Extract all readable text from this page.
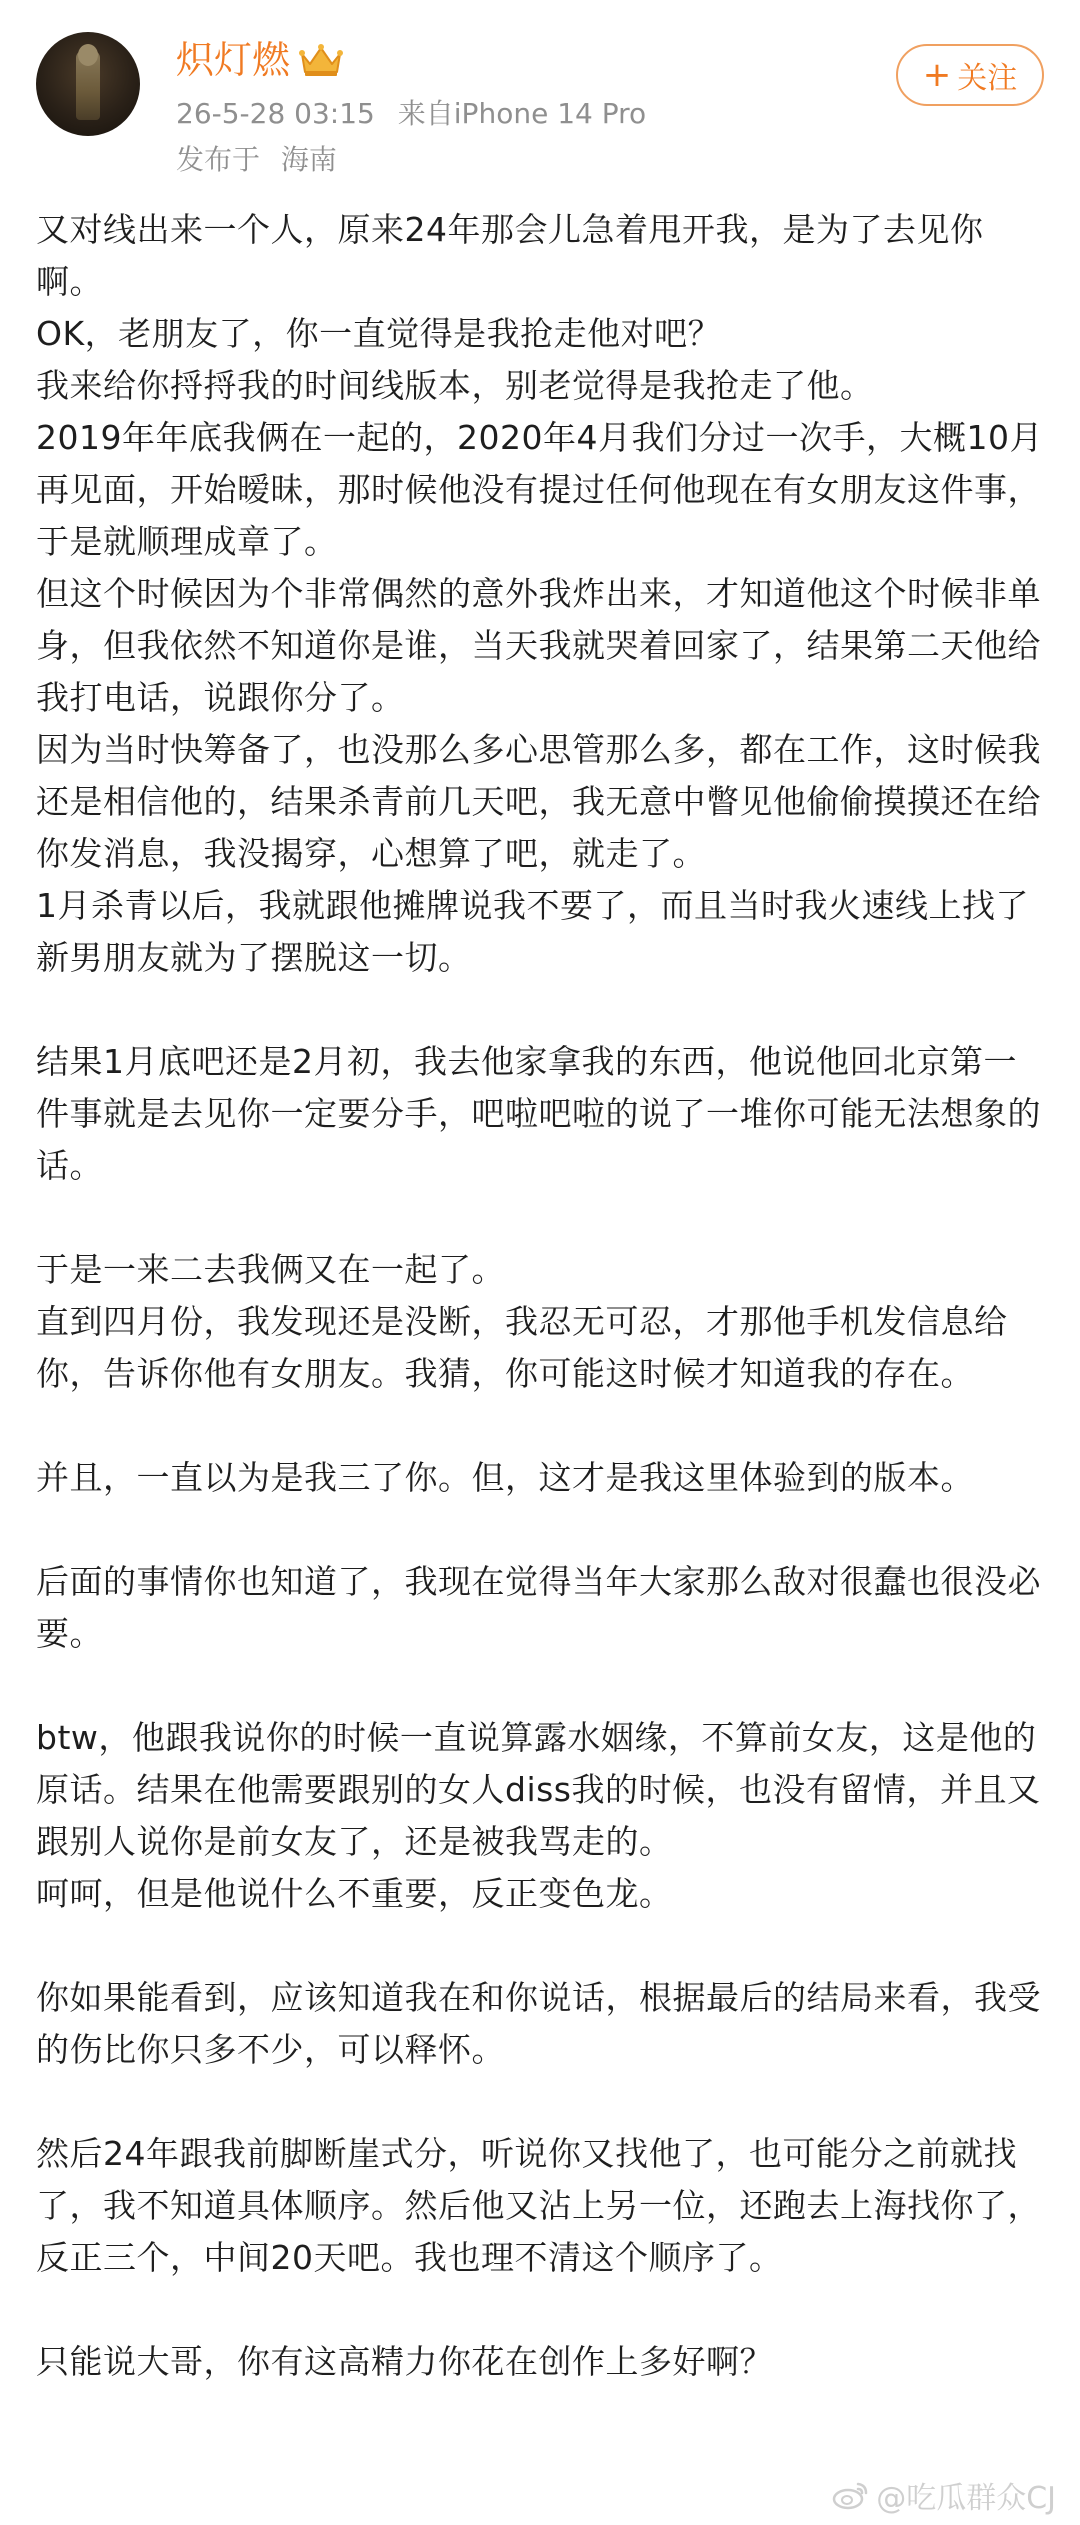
炽灯燃
26-5-28 03:15 来自iPhone 14 Pro
发布于 海南
+ 关注

又对线出来一个人，原来24年那会儿急着甩开我，是为了去见你啊。

OK，老朋友了，你一直觉得是我抢走他对吧？

我来给你捋捋我的时间线版本，别老觉得是我抢走了他。

2019年年底我俩在一起的，2020年4月我们分过一次手，大概10月再见面，开始暧昧，那时候他没有提过任何他现在有女朋友这件事，于是就顺理成章了。

但这个时候因为个非常偶然的意外我炸出来，才知道他这个时候非单身，但我依然不知道你是谁，当天我就哭着回家了，结果第二天他给我打电话，说跟你分了。

因为当时快筹备了，也没那么多心思管那么多，都在工作，这时候我还是相信他的，结果杀青前几天吧，我无意中瞥见他偷偷摸摸还在给你发消息，我没揭穿，心想算了吧，就走了。

1月杀青以后，我就跟他摊牌说我不要了，而且当时我火速线上找了新男朋友就为了摆脱这一切。

结果1月底吧还是2月初，我去他家拿我的东西，他说他回北京第一件事就是去见你一定要分手，吧啦吧啦的说了一堆你可能无法想象的话。

于是一来二去我俩又在一起了。

直到四月份，我发现还是没断，我忍无可忍，才那他手机发信息给你，告诉你他有女朋友。我猜，你可能这时候才知道我的存在。

并且，一直以为是我三了你。但，这才是我这里体验到的版本。

后面的事情你也知道了，我现在觉得当年大家那么敌对很蠢也很没必要。

btw，他跟我说你的时候一直说算露水姻缘，不算前女友，这是他的原话。结果在他需要跟别的女人diss我的时候，也没有留情，并且又跟别人说你是前女友了，还是被我骂走的。

呵呵，但是他说什么不重要，反正变色龙。

你如果能看到，应该知道我在和你说话，根据最后的结局来看，我受的伤比你只多不少，可以释怀。

然后24年跟我前脚断崖式分，听说你又找他了，也可能分之前就找了，我不知道具体顺序。然后他又沾上另一位，还跑去上海找你了，反正三个，中间20天吧。我也理不清这个顺序了。

只能说大哥，你有这高精力你花在创作上多好啊？

@吃瓜群众CJ
